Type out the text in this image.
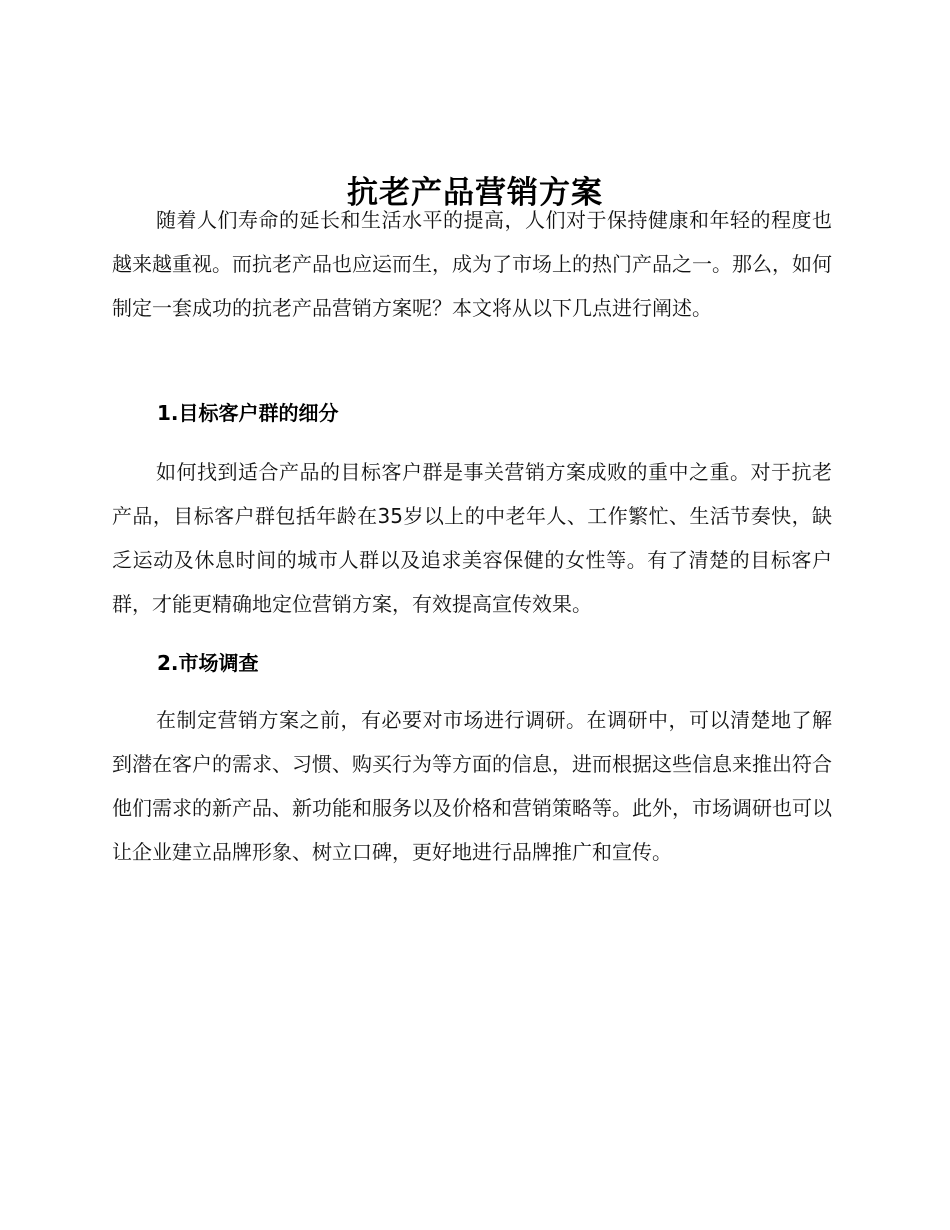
抗老产品营销方案

随着人们寿命的延长和生活水平的提高，人们对于保持健康和年轻的程度也越来越重视。而抗老产品也应运而生，成为了市场上的热门产品之一。那么，如何制定一套成功的抗老产品营销方案呢？本文将从以下几点进行阐述。

1.目标客户群的细分

如何找到适合产品的目标客户群是事关营销方案成败的重中之重。对于抗老产品，目标客户群包括年龄在35岁以上的中老年人、工作繁忙、生活节奏快，缺乏运动及休息时间的城市人群以及追求美容保健的女性等。有了清楚的目标客户群，才能更精确地定位营销方案，有效提高宣传效果。

2.市场调查

在制定营销方案之前，有必要对市场进行调研。在调研中，可以清楚地了解到潜在客户的需求、习惯、购买行为等方面的信息，进而根据这些信息来推出符合他们需求的新产品、新功能和服务以及价格和营销策略等。此外，市场调研也可以让企业建立品牌形象、树立口碑，更好地进行品牌推广和宣传。
